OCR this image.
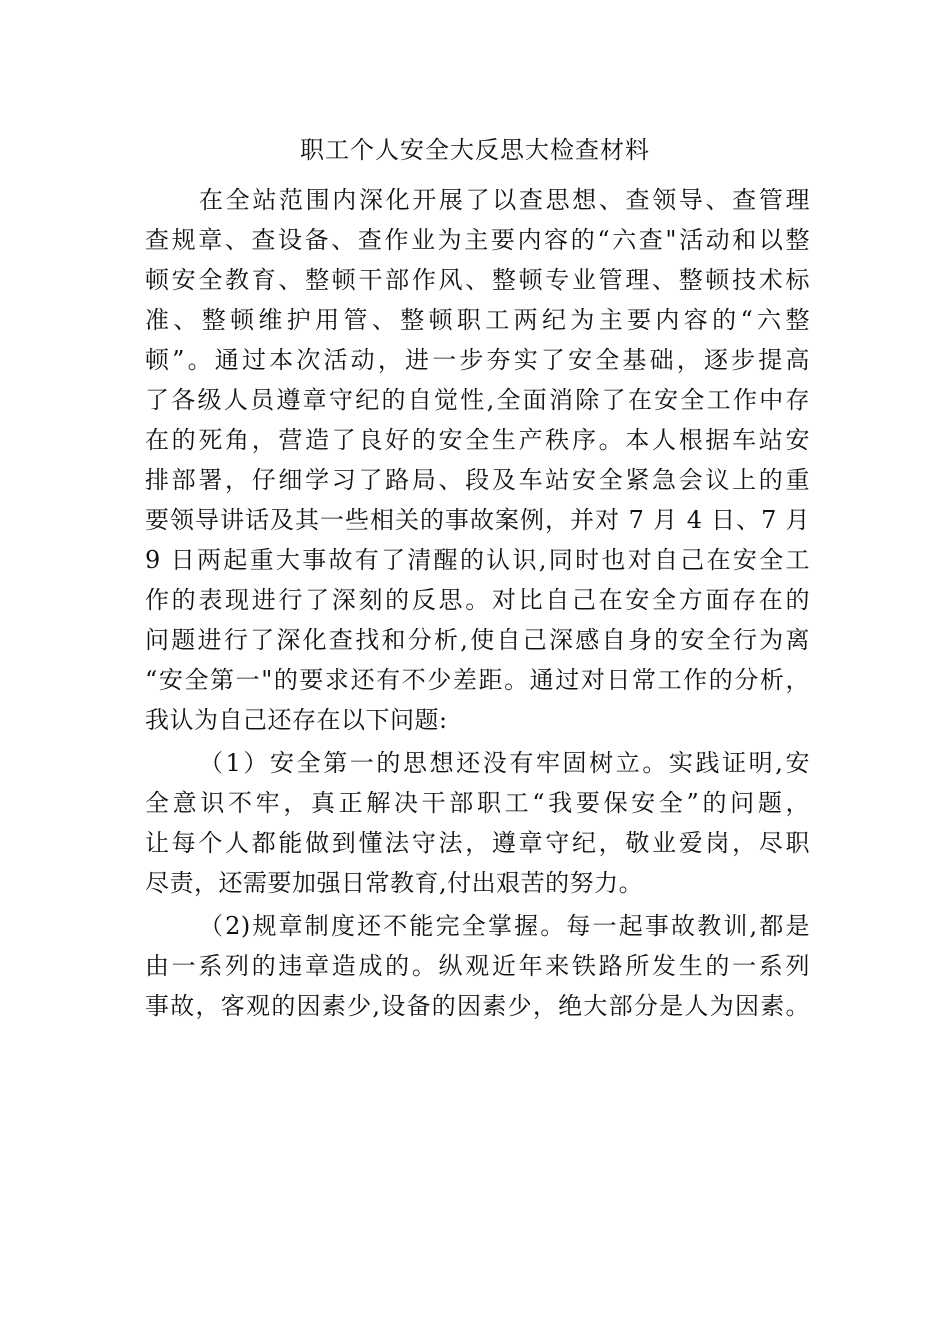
职工个人安全大反思大检查材料
在全站范围内深化开展了以查思想、查领导、查管理
查规章、查设备、查作业为主要内容的“六查"活动和以整
顿安全教育、整顿干部作风、整顿专业管理、整顿技术标
准、整顿维护用管、整顿职工两纪为主要内容的“六整
顿”。通过本次活动，进一步夯实了安全基础，逐步提高
了各级人员遵章守纪的自觉性,全面消除了在安全工作中存
在的死角，营造了良好的安全生产秩序。本人根据车站安
排部署，仔细学习了路局、段及车站安全紧急会议上的重
要领导讲话及其一些相关的事故案例，并对 7 月 4 日、7 月
9 日两起重大事故有了清醒的认识,同时也对自己在安全工
作的表现进行了深刻的反思。对比自己在安全方面存在的
问题进行了深化查找和分析,使自己深感自身的安全行为离
“安全第一"的要求还有不少差距。通过对日常工作的分析，
我认为自己还存在以下问题:
（1）安全第一的思想还没有牢固树立。实践证明,安
全意识不牢，真正解决干部职工“我要保安全”的问题，
让每个人都能做到懂法守法，遵章守纪，敬业爱岗，尽职
尽责，还需要加强日常教育,付出艰苦的努力。
（2)规章制度还不能完全掌握。每一起事故教训,都是
由一系列的违章造成的。纵观近年来铁路所发生的一系列
事故，客观的因素少,设备的因素少，绝大部分是人为因素。
